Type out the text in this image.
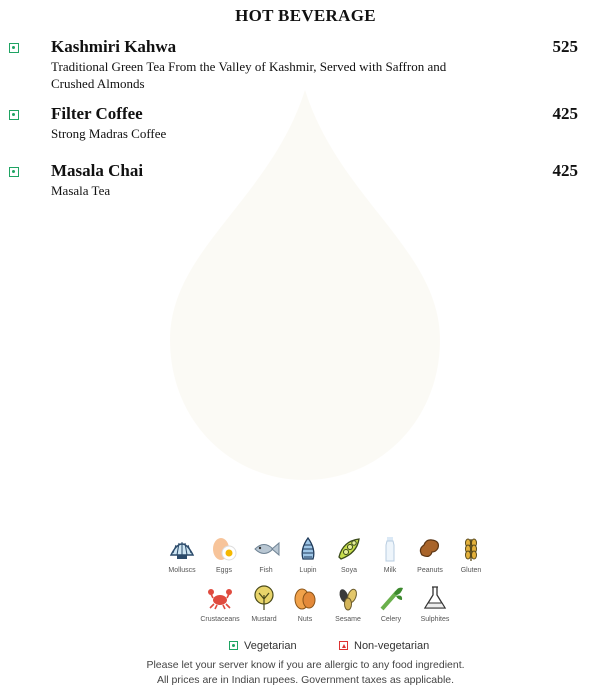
HOT BEVERAGE
Kashmiri Kahwa	525
Traditional Green Tea From the Valley of Kashmir, Served with Saffron and Crushed Almonds
Filter Coffee	425
Strong Madras Coffee
Masala Chai	425
Masala Tea
Molluscs	Eggs	Fish	Lupin	Soya	Milk	Peanuts	Gluten
Crustaceans	Mustard	Nuts	Sesame	Celery	Sulphites
Vegetarian	Non-vegetarian
Please let your server know if you are allergic to any food ingredient.
All prices are in Indian rupees. Government taxes as applicable.
